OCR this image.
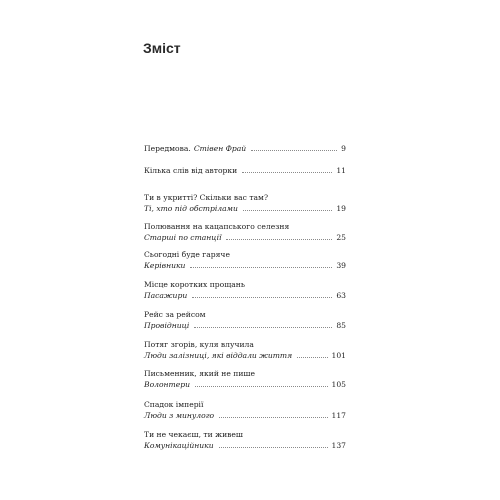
Зміст
Передмова. Стівен Фрай	9
Кілька слів від авторки	11
Ти в укритті? Скільки вас там?
Ті, хто під обстрілами	19
Полювання на кацапського селезня
Старші по станції	25
Сьогодні буде гаряче
Керівники	39
Місце коротких прощань
Пасажири	63
Рейс за рейсом
Провідниці	85
Потяг згорів, куля влучила
Люди залізниці, які віддали життя	101
Письменник, який не пише
Волонтери	105
Спадок імперії
Люди з минулого	117
Ти не чекаєш, ти живеш
Комунікаційники	137
